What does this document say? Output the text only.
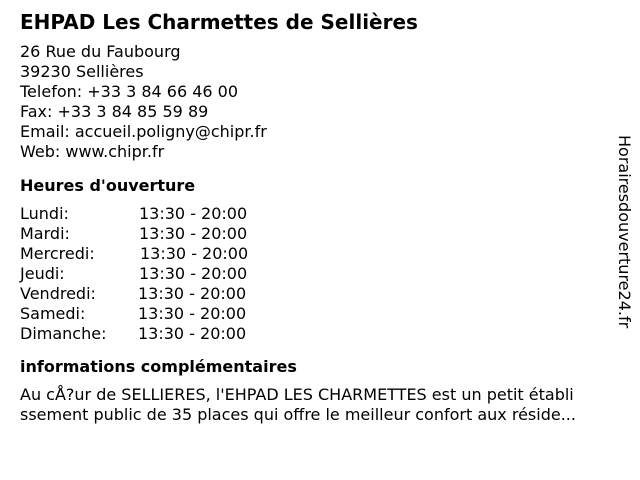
EHPAD Les Charmettes de Sellières
26 Rue du Faubourg
39230 Sellières
Telefon: +33 3 84 66 46 00
Fax: +33 3 84 85 59 89
Email: accueil.poligny@chipr.fr
Web: www.chipr.fr
Heures d'ouverture
Lundi:	13:30 - 20:00
Mardi:	13:30 - 20:00
Mercredi:	13:30 - 20:00
Jeudi:	13:30 - 20:00
Vendredi:	13:30 - 20:00
Samedi:	13:30 - 20:00
Dimanche: 13:30 - 20:00
informations complémentaires
Au cÅ?ur de SELLIERES, l'EHPAD LES CHARMETTES est un petit établi
ssement public de 35 places qui offre le meilleur confort aux réside...
Horairesdouverture24.fr
